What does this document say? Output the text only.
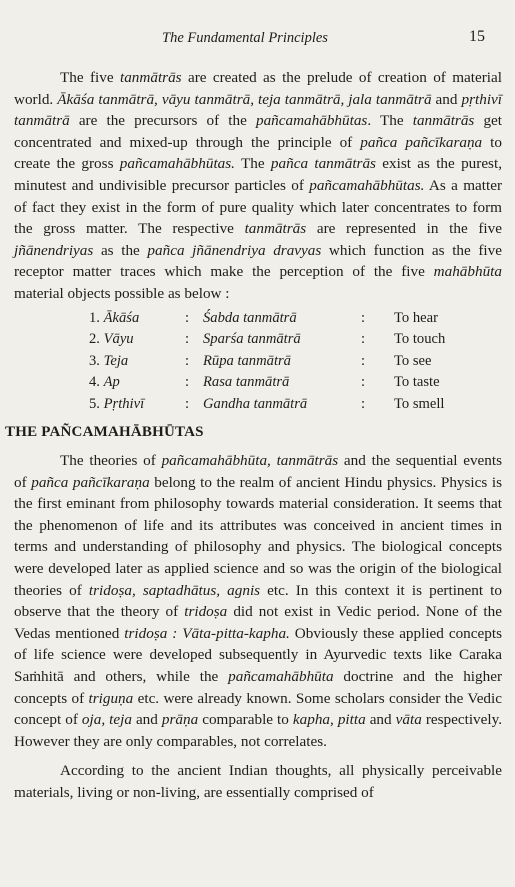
The Fundamental Principles	15

The five tanmātrās are created as the prelude of creation of material world. Ākāśa tanmātrā, vāyu tanmātrā, teja tanmātrā, jala tanmātrā and pṛthivī tanmātrā are the precursors of the pañcamahābhūtas. The tanmātrās get concentrated and mixed-up through the principle of pañca pañcīkaraṇa to create the gross pañcamahābhūtas. The pañca tanmātrās exist as the purest, minutest and undivisible precursor particles of pañcamahābhūtas. As a matter of fact they exist in the form of pure quality which later concentrates to form the gross matter. The respective tanmātrās are represented in the five jñānendriyas as the pañca jñānendriya dravyas which function as the five receptor matter traces which make the perception of the five mahābhūta material objects possible as below :

1. Ākāśa	:	Śabda tanmātrā	:	To hear
2. Vāyu	:	Sparśa tanmātrā	:	To touch
3. Teja	:	Rūpa tanmātrā	:	To see
4. Ap	:	Rasa tanmātrā	:	To taste
5. Pṛthivī	:	Gandha tanmātrā	:	To smell
THE PAÑCAMAHĀBHŪTAS

The theories of pañcamahābhūta, tanmātrās and the sequential events of pañca pañcīkaraṇa belong to the realm of ancient Hindu physics. Physics is the first eminant from philosophy towards material consideration. It seems that the phenomenon of life and its attributes was conceived in ancient times in terms and understanding of philosophy and physics. The biological concepts were developed later as applied science and so was the origin of the biological theories of tridoṣa, saptadhātus, agnis etc. In this context it is pertinent to observe that the theory of tridoṣa did not exist in Vedic period. None of the Vedas mentioned tridoṣa : Vāta-pitta-kapha. Obviously these applied concepts of life science were developed subsequently in Ayurvedic texts like Caraka Saṁhitā and others, while the pañcamahābhūta doctrine and the higher concepts of triguṇa etc. were already known. Some scholars consider the Vedic concept of oja, teja and prāṇa comparable to kapha, pitta and vāta respectively. However they are only comparables, not correlates.

According to the ancient Indian thoughts, all physically perceivable materials, living or non-living, are essentially comprised of
